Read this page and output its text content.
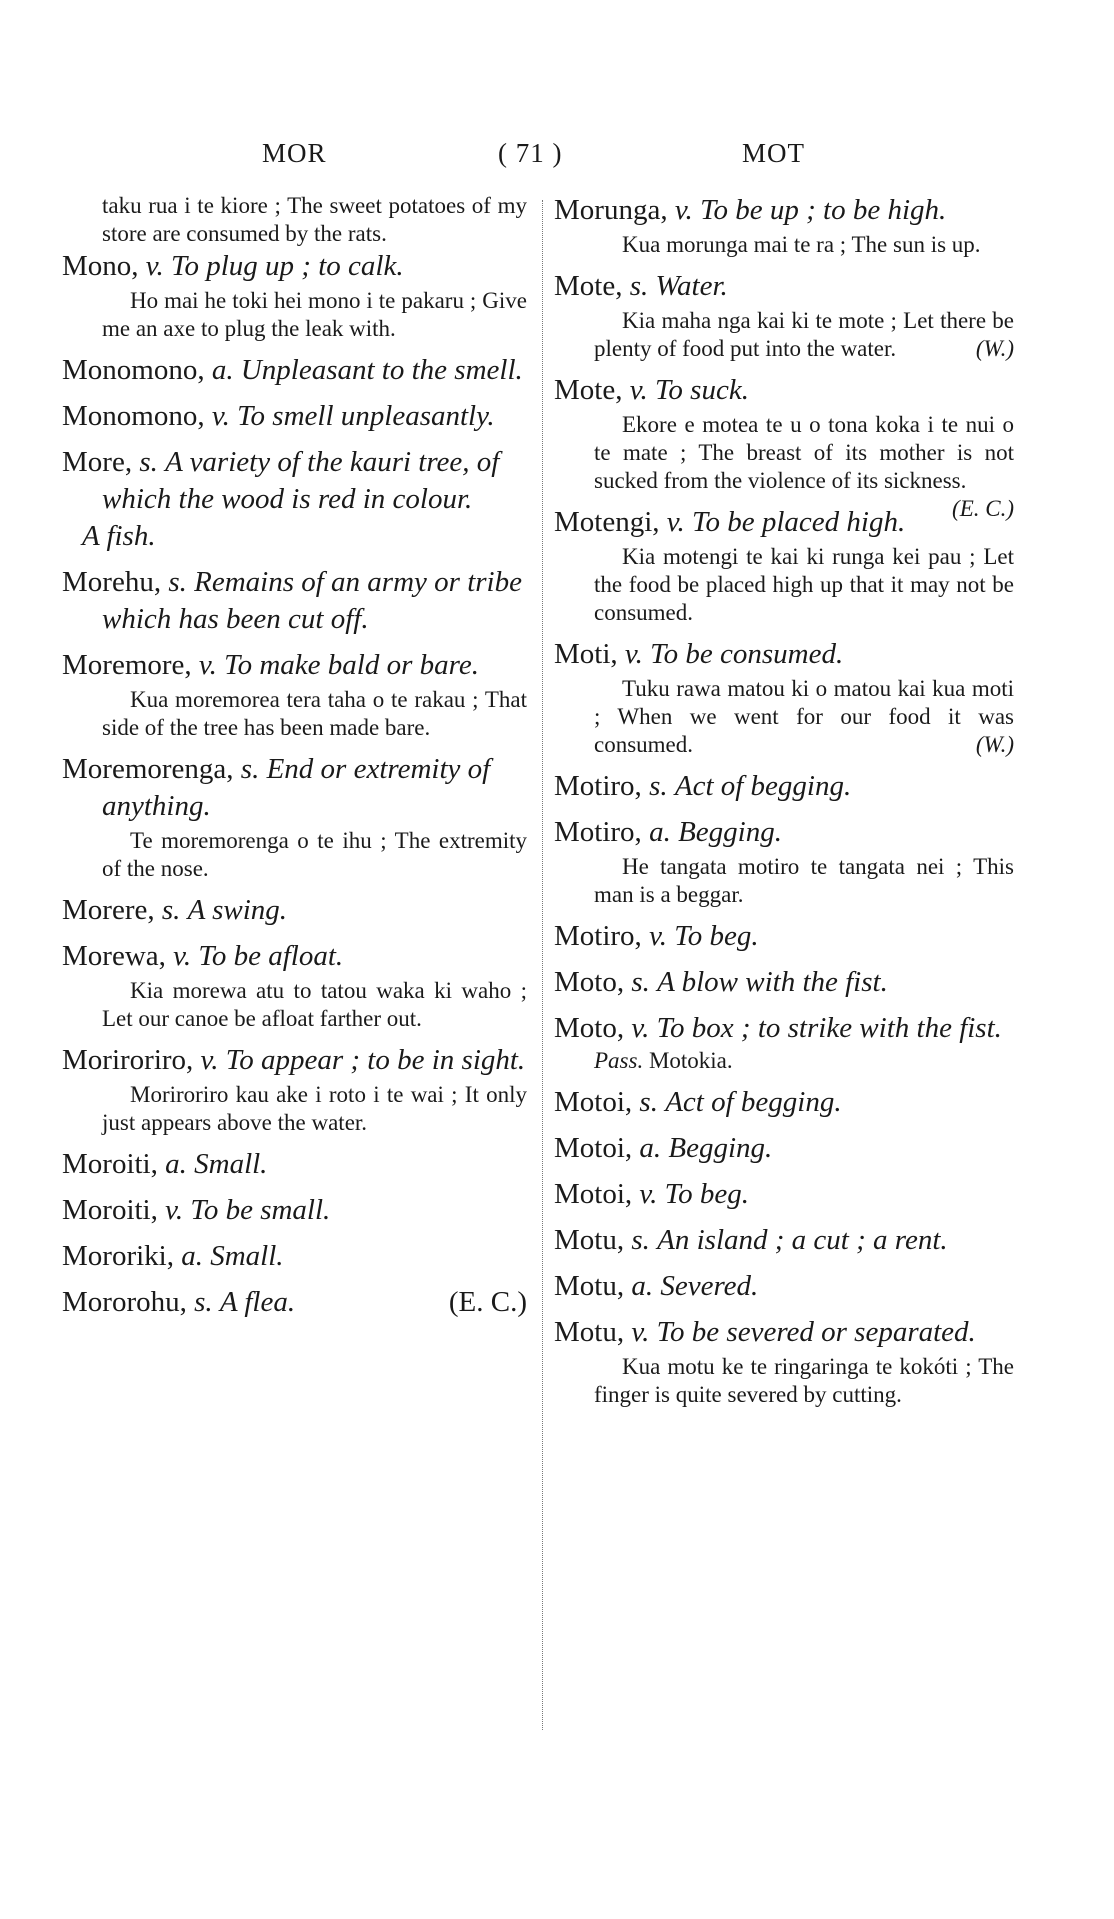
MOR	( 71 )	MOT
taku rua i te kiore ; The sweet potatoes of my store are consumed by the rats.
Mono, v. To plug up ; to calk.
Ho mai he toki hei mono i te pakaru ; Give me an axe to plug the leak with.
Monomono, a. Unpleasant to the smell.
Monomono, v. To smell unpleasantly.
More, s. A variety of the kauri tree, of which the wood is red in colour.
A fish.
Morehu, s. Remains of an army or tribe which has been cut off.
Moremore, v. To make bald or bare.
Kua moremorea tera taha o te rakau ; That side of the tree has been made bare.
Moremorenga, s. End or extremity of anything.
Te moremorenga o te ihu ; The extremity of the nose.
Morere, s. A swing.
Morewa, v. To be afloat.
Kia morewa atu to tatou waka ki waho ; Let our canoe be afloat farther out.
Moriroriro, v. To appear ; to be in sight.
Moriroriro kau ake i roto i te wai ; It only just appears above the water.
Moroiti, a. Small.
Moroiti, v. To be small.
Mororiki, a. Small.
Mororohu, s. A flea.	(E. C.)
Morunga, v. To be up ; to be high.
Kua morunga mai te ra ; The sun is up.
Mote, s. Water.
Kia maha nga kai ki te mote ; Let there be plenty of food put into the water.	(W.)
Mote, v. To suck.
Ekore e motea te u o tona koka i te nui o te mate ; The breast of its mother is not sucked from the violence of its sickness.
(E. C.)
Motengi, v. To be placed high.
Kia motengi te kai ki runga kei pau ; Let the food be placed high up that it may not be consumed.
Moti, v. To be consumed.
Tuku rawa matou ki o matou kai kua moti ; When we went for our food it was consumed.	(W.)
Motiro, s. Act of begging.
Motiro, a. Begging.
He tangata motiro te tangata nei ; This man is a beggar.
Motiro, v. To beg.
Moto, s. A blow with the fist.
Moto, v. To box ; to strike with the fist.
Pass. Motokia.
Motoi, s. Act of begging.
Motoi, a. Begging.
Motoi, v. To beg.
Motu, s. An island ; a cut ; a rent.
Motu, a. Severed.
Motu, v. To be severed or separated.
Kua motu ke te ringaringa te kokóti ; The finger is quite severed by cutting.
